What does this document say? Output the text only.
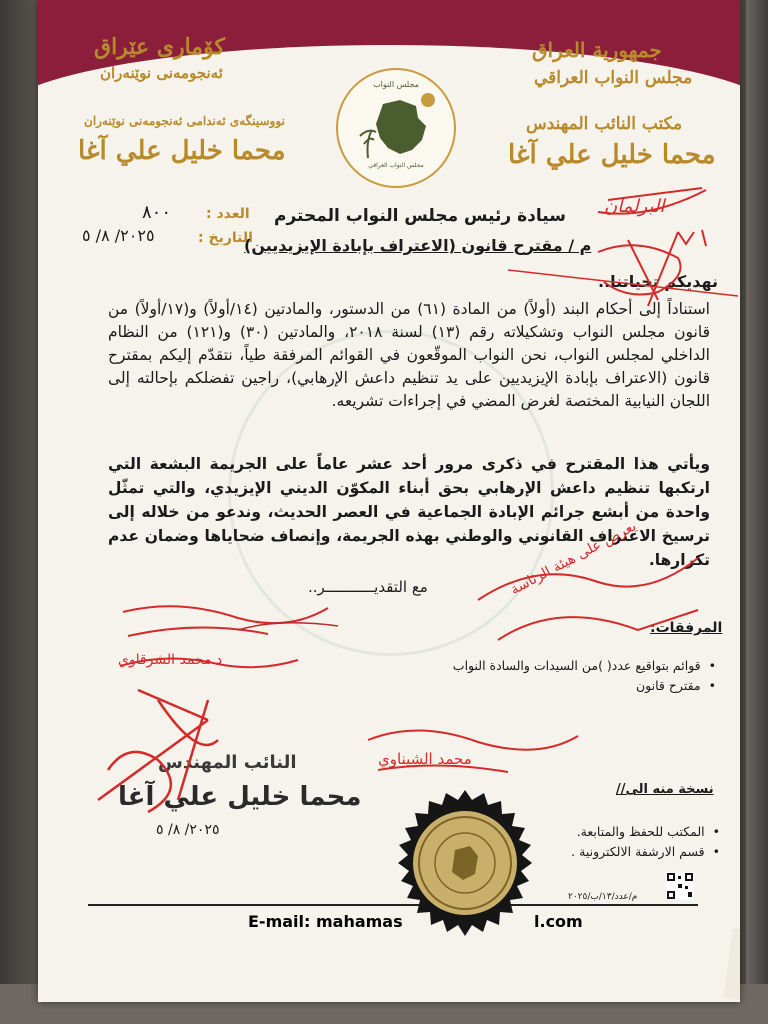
كۆماری عێراق
ئەنجومەنی نوێنەران
نووسینگەی ئەندامی ئەنجومەنی نوێنەران
محما خليل علي آغا
جمهورية العراق
مجلس النواب العراقي
مكتب النائب المهندس
محما خليل علي آغا
مجلس النواب
مجلس النواب العراقي
العدد :
٨٠٠
التاريخ :
٢٠٢٥/ ٨/ ٥
سيادة رئيس مجلس النواب المحترم
م / مقترح قانون (الاعتراف بإبادة الإيزيديين)
نهديكم تحياتنا..
استناداً إلى أحكام البند (أولاً) من المادة (٦١) من الدستور، والمادتين (١٤/أولاً) و(١٧/أولاً) من قانون مجلس النواب وتشكيلاته رقم (١٣) لسنة ٢٠١٨، والمادتين (٣٠) و(١٢١) من النظام الداخلي لمجلس النواب، نحن النواب الموقّعون في القوائم المرفقة طياً، نتقدّم إليكم بمقترح قانون (الاعتراف بإبادة الإيزيديين على يد تنظيم داعش الإرهابي)، راجين تفضلكم بإحالته إلى اللجان النيابية المختصة لغرض المضي في إجراءات تشريعه.
ويأتي هذا المقترح في ذكرى مرور أحد عشر عاماً على الجريمة البشعة التي ارتكبها تنظيم داعش الإرهابي بحق أبناء المكوّن الديني الإيزيدي، والتي تمثّل واحدة من أبشع جرائم الإبادة الجماعية في العصر الحديث، وندعو من خلاله إلى ترسيخ الاعتراف القانوني والوطني بهذه الجريمة، وإنصاف ضحاياها وضمان عدم تكرارها.
مع التقديـــــــــــر..
المرفقات:
• قوائم بتواقيع عدد( )من السيدات والسادة النواب
• مقترح قانون
النائب المهندس
محما خليل علي آغا
٢٠٢٥/ ٨/ ٥
نسخة منه الى//
• المكتب للحفظ والمتابعة.
• قسم الارشفة الالكترونية .
م/عدد/١٣/ب/٢٠٢٥
E-mail: mahamas	l.com
البرلمان
يعرض على هيئة الرئاسة
د.محمد الشرقاوي
محمد الشيناوي
